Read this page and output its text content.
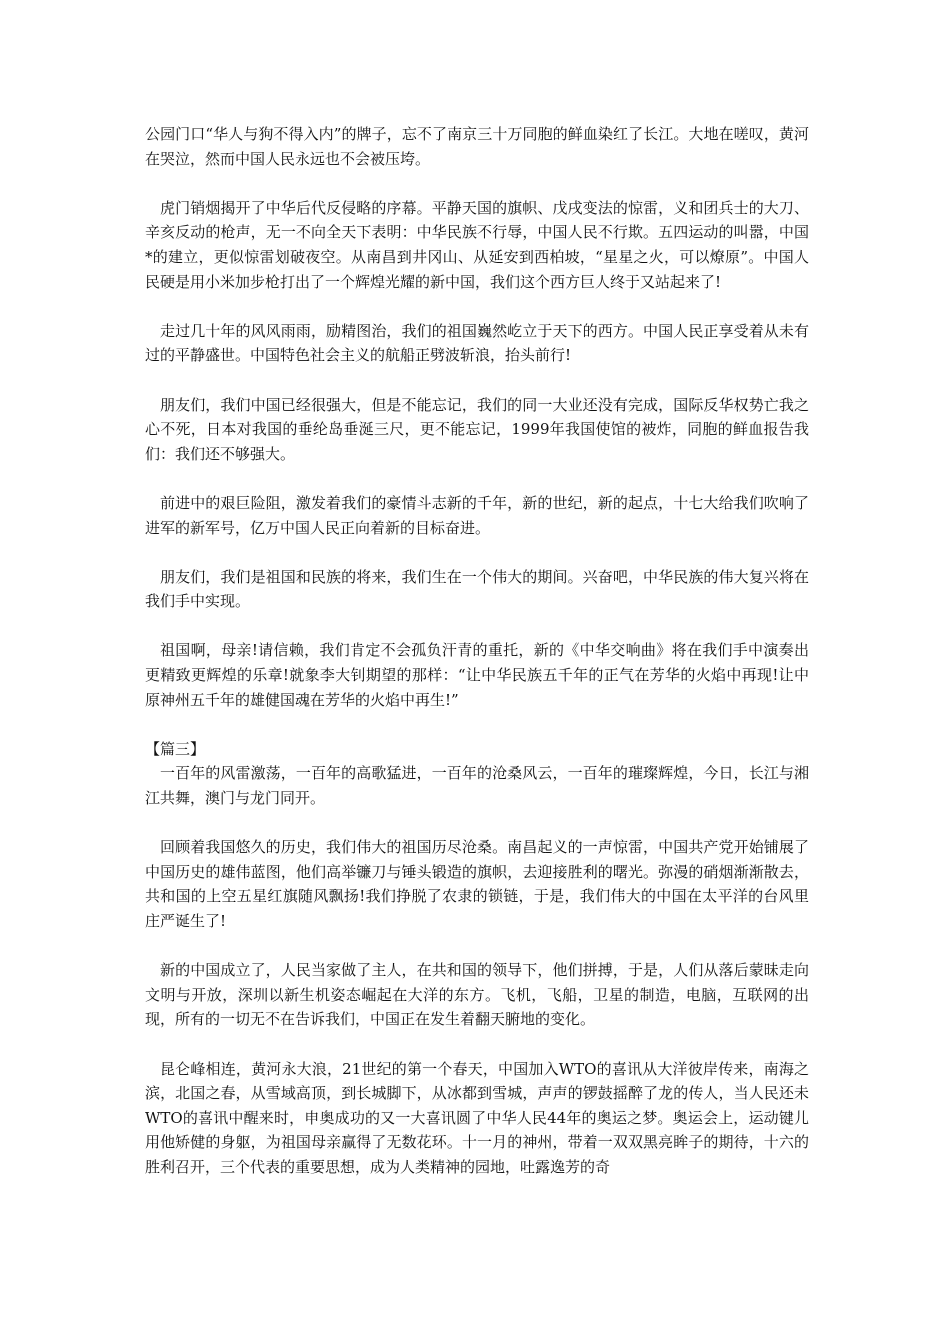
公园门口“华人与狗不得入内”的牌子，忘不了南京三十万同胞的鲜血染红了长江。大地在嗟叹，黄河在哭泣，然而中国人民永远也不会被压垮。

虎门销烟揭开了中华后代反侵略的序幕。平静天国的旗帜、戊戌变法的惊雷，义和团兵士的大刀、辛亥反动的枪声，无一不向全天下表明：中华民族不行辱，中国人民不行欺。五四运动的叫嚣，中国*的建立，更似惊雷划破夜空。从南昌到井冈山、从延安到西柏坡，“星星之火，可以燎原”。中国人民硬是用小米加步枪打出了一个辉煌光耀的新中国，我们这个西方巨人终于又站起来了!

走过几十年的风风雨雨，励精图治，我们的祖国巍然屹立于天下的西方。中国人民正享受着从未有过的平静盛世。中国特色社会主义的航船正劈波斩浪，抬头前行!

朋友们，我们中国已经很强大，但是不能忘记，我们的同一大业还没有完成，国际反华权势亡我之心不死，日本对我国的垂纶岛垂涎三尺，更不能忘记，1999年我国使馆的被炸，同胞的鲜血报告我们：我们还不够强大。

前进中的艰巨险阻，激发着我们的豪情斗志新的千年，新的世纪，新的起点，十七大给我们吹响了进军的新军号，亿万中国人民正向着新的目标奋进。

朋友们，我们是祖国和民族的将来，我们生在一个伟大的期间。兴奋吧，中华民族的伟大复兴将在我们手中实现。

祖国啊，母亲!请信赖，我们肯定不会孤负汗青的重托，新的《中华交响曲》将在我们手中演奏出更精致更辉煌的乐章!就象李大钊期望的那样：“让中华民族五千年的正气在芳华的火焰中再现!让中原神州五千年的雄健国魂在芳华的火焰中再生!”

【篇三】

一百年的风雷激荡，一百年的高歌猛进，一百年的沧桑风云，一百年的璀璨辉煌，今日，长江与湘江共舞，澳门与龙门同开。

回顾着我国悠久的历史，我们伟大的祖国历尽沧桑。南昌起义的一声惊雷，中国共产党开始铺展了中国历史的雄伟蓝图，他们高举镰刀与锤头锻造的旗帜，去迎接胜利的曙光。弥漫的硝烟渐渐散去，共和国的上空五星红旗随风飘扬!我们挣脱了农隶的锁链，于是，我们伟大的中国在太平洋的台风里庄严诞生了!

新的中国成立了，人民当家做了主人，在共和国的领导下，他们拼搏，于是，人们从落后蒙昧走向文明与开放，深圳以新生机姿态崛起在大洋的东方。飞机，飞船，卫星的制造，电脑，互联网的出现，所有的一切无不在告诉我们，中国正在发生着翻天腑地的变化。

昆仑峰相连，黄河永大浪，21世纪的第一个春天，中国加入WTO的喜讯从大洋彼岸传来，南海之滨，北国之春，从雪域高顶，到长城脚下，从冰都到雪城，声声的锣鼓摇醉了龙的传人，当人民还未WTO的喜讯中醒来时，申奥成功的又一大喜讯圆了中华人民44年的奥运之梦。奥运会上，运动键儿用他矫健的身躯，为祖国母亲赢得了无数花环。十一月的神州，带着一双双黑亮眸子的期待，十六的胜利召开，三个代表的重要思想，成为人类精神的园地，吐露逸芳的奇
